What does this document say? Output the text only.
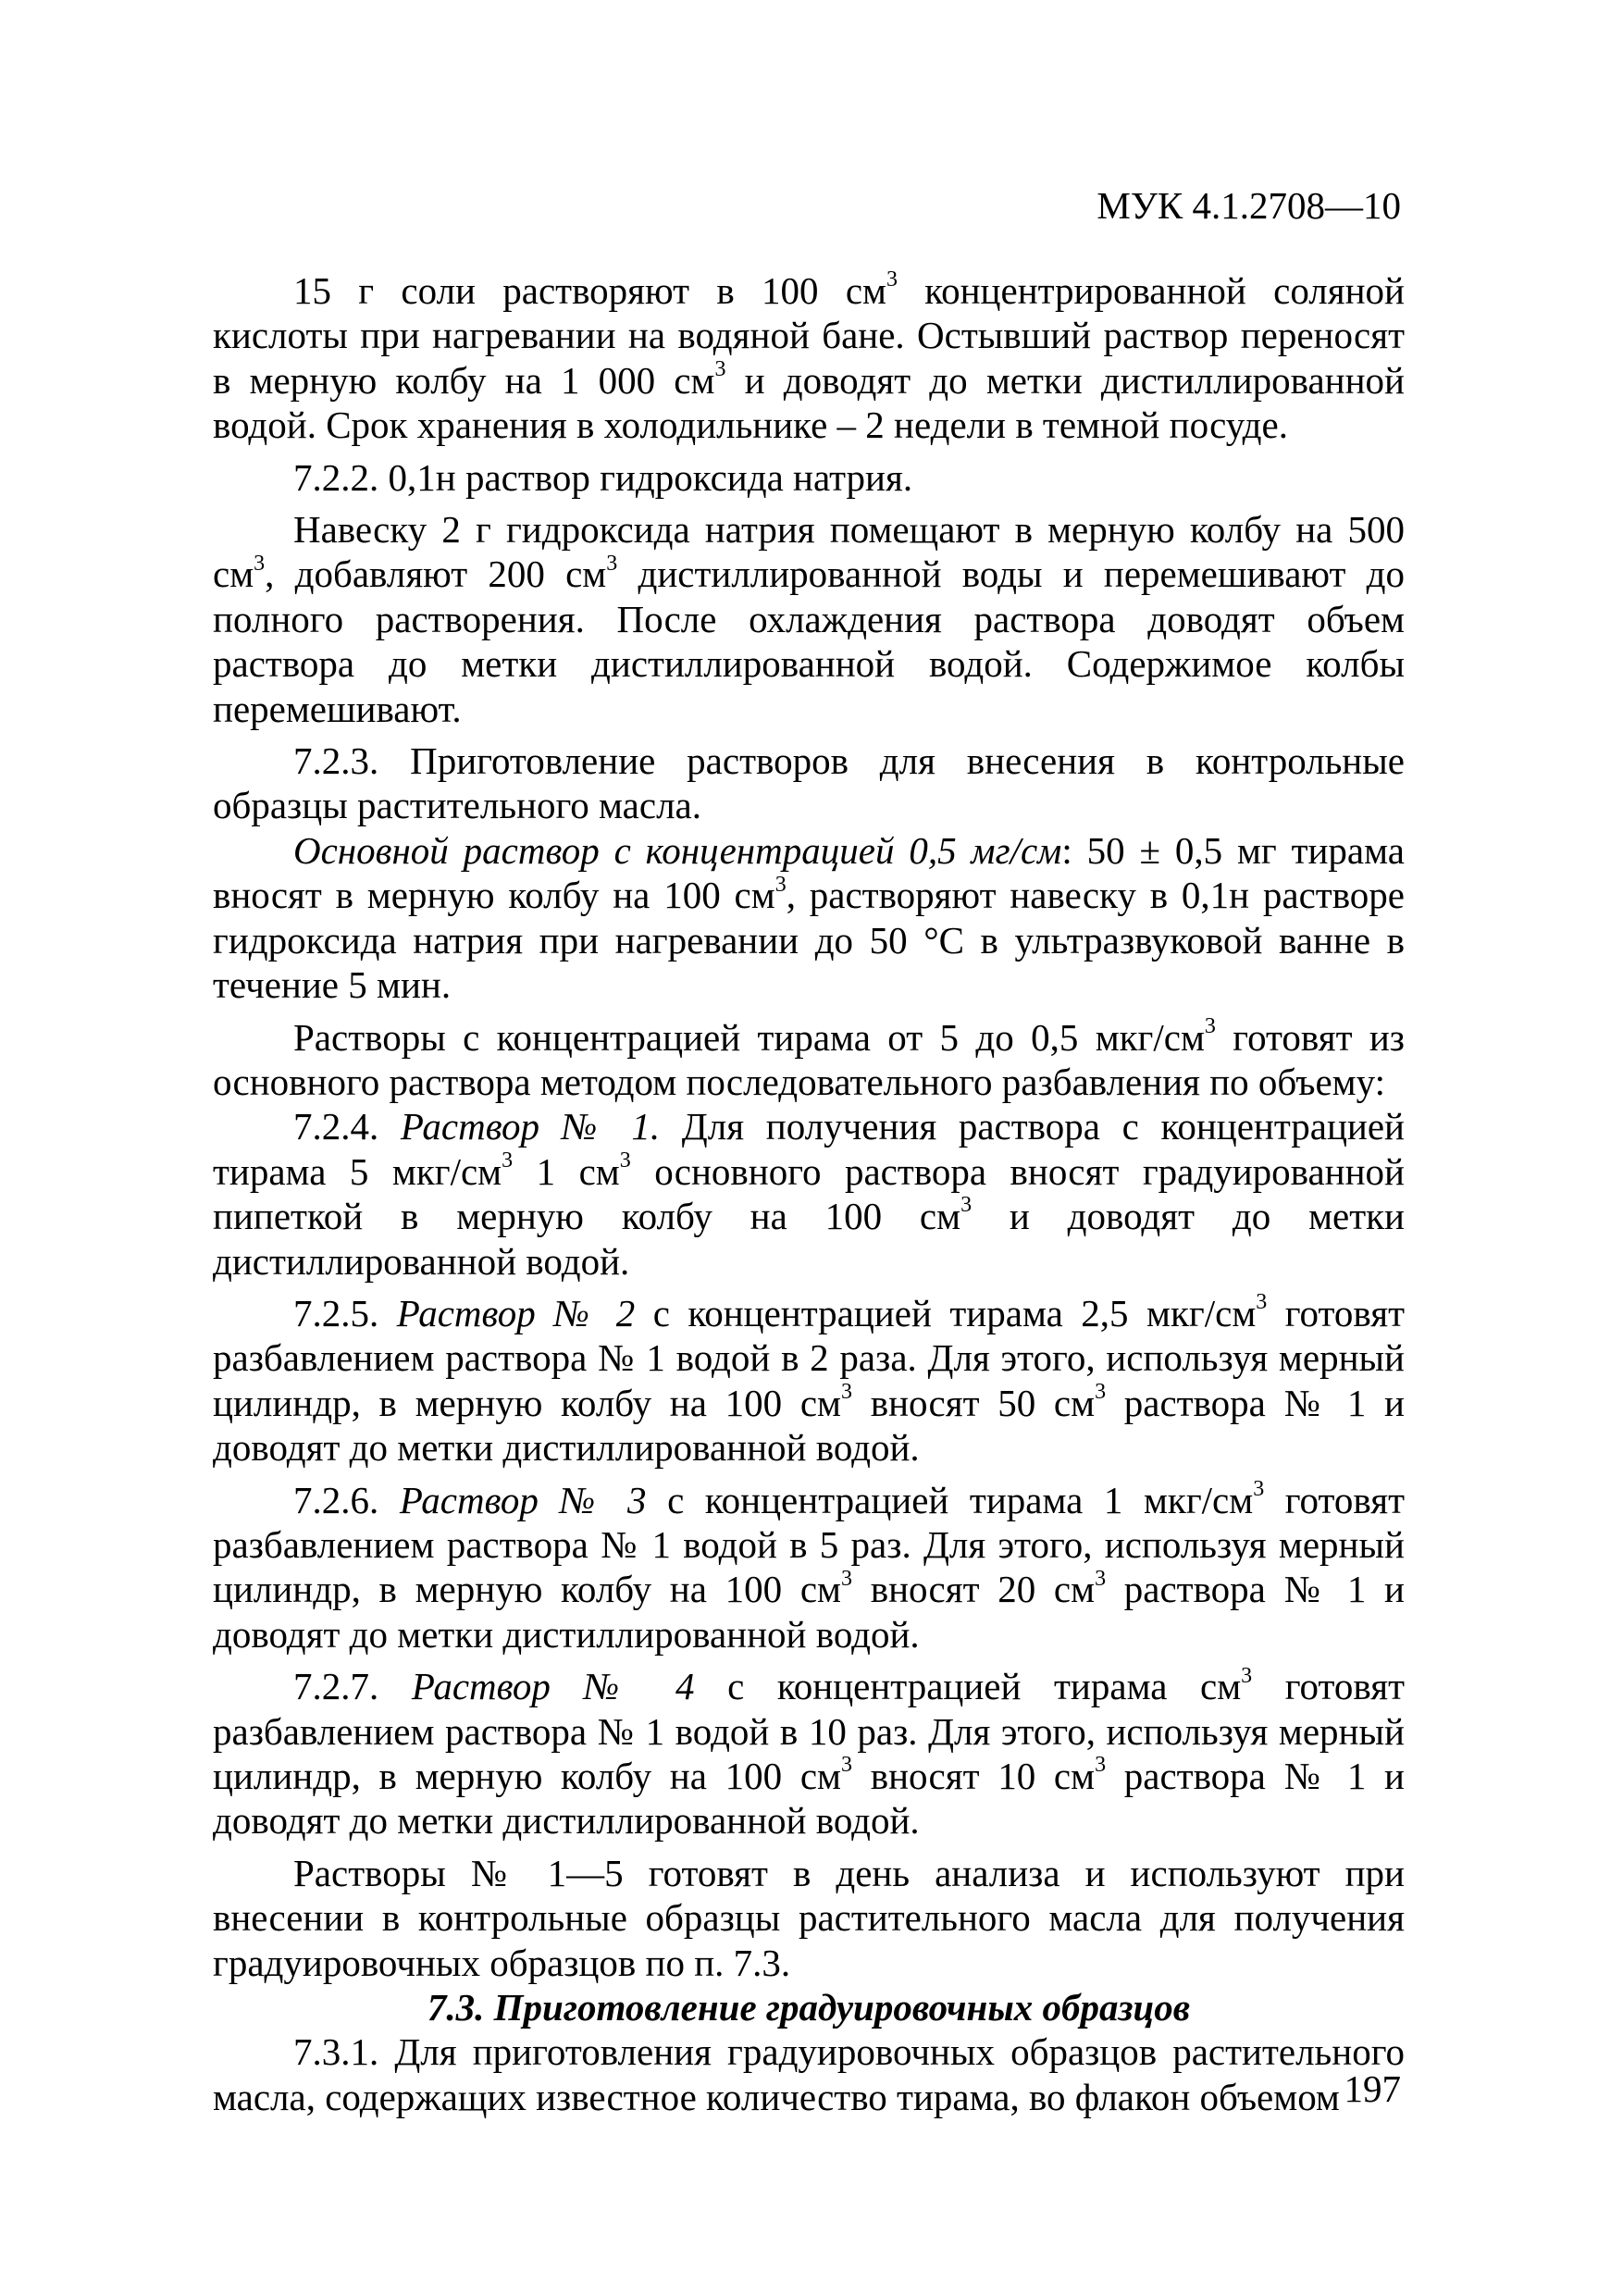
МУК 4.1.2708—10

15 г соли растворяют в 100 $см^3$ концентрированной соляной кислоты при нагревании на водяной бане. Остывший раствор переносят в мерную колбу на 1 000 $см^3$ и доводят до метки дистиллированной водой. Срок хранения в холодильнике – 2 недели в темной посуде.

7.2.2. 0,1н раствор гидроксида натрия.

Навеску 2 г гидроксида натрия помещают в мерную колбу на 500 $см^3$, добавляют 200 $см^3$ дистиллированной воды и перемешивают до полного растворения. После охлаждения раствора доводят объем раствора до метки дистиллированной водой. Содержимое колбы перемешивают.

7.2.3. Приготовление растворов для внесения в контрольные образцы растительного масла.

Основной раствор с концентрацией 0,5 мг/см: 50 ± 0,5 мг тирама вносят в мерную колбу на 100 $см^3$, растворяют навеску в 0,1н растворе гидроксида натрия при нагревании до 50 °С в ультразвуковой ванне в течение 5 мин.

Растворы с концентрацией тирама от 5 до 0,5 мкг/$см^3$ готовят из основного раствора методом последовательного разбавления по объему:

7.2.4. Раствор № 1. Для получения раствора с концентрацией тирама 5 мкг/$см^3$ 1 $см^3$ основного раствора вносят градуированной пипеткой в мерную колбу на 100 $см^3$ и доводят до метки дистиллированной водой.

7.2.5. Раствор № 2 с концентрацией тирама 2,5 мкг/$см^3$ готовят разбавлением раствора № 1 водой в 2 раза. Для этого, используя мерный цилиндр, в мерную колбу на 100 $см^3$ вносят 50 $см^3$ раствора № 1 и доводят до метки дистиллированной водой.

7.2.6. Раствор № 3 с концентрацией тирама 1 мкг/$см^3$ готовят разбавлением раствора № 1 водой в 5 раз. Для этого, используя мерный цилиндр, в мерную колбу на 100 $см^3$ вносят 20 $см^3$ раствора № 1 и доводят до метки дистиллированной водой.

7.2.7. Раствор № 4 с концентрацией тирама $см^3$ готовят разбавлением раствора № 1 водой в 10 раз. Для этого, используя мерный цилиндр, в мерную колбу на 100 $см^3$ вносят 10 $см^3$ раствора № 1 и доводят до метки дистиллированной водой.

Растворы № 1—5 готовят в день анализа и используют при внесении в контрольные образцы растительного масла для получения градуировочных образцов по п. 7.3.

7.3. Приготовление градуировочных образцов

7.3.1. Для приготовления градуировочных образцов растительного масла, содержащих известное количество тирама, во флакон объемом 197
